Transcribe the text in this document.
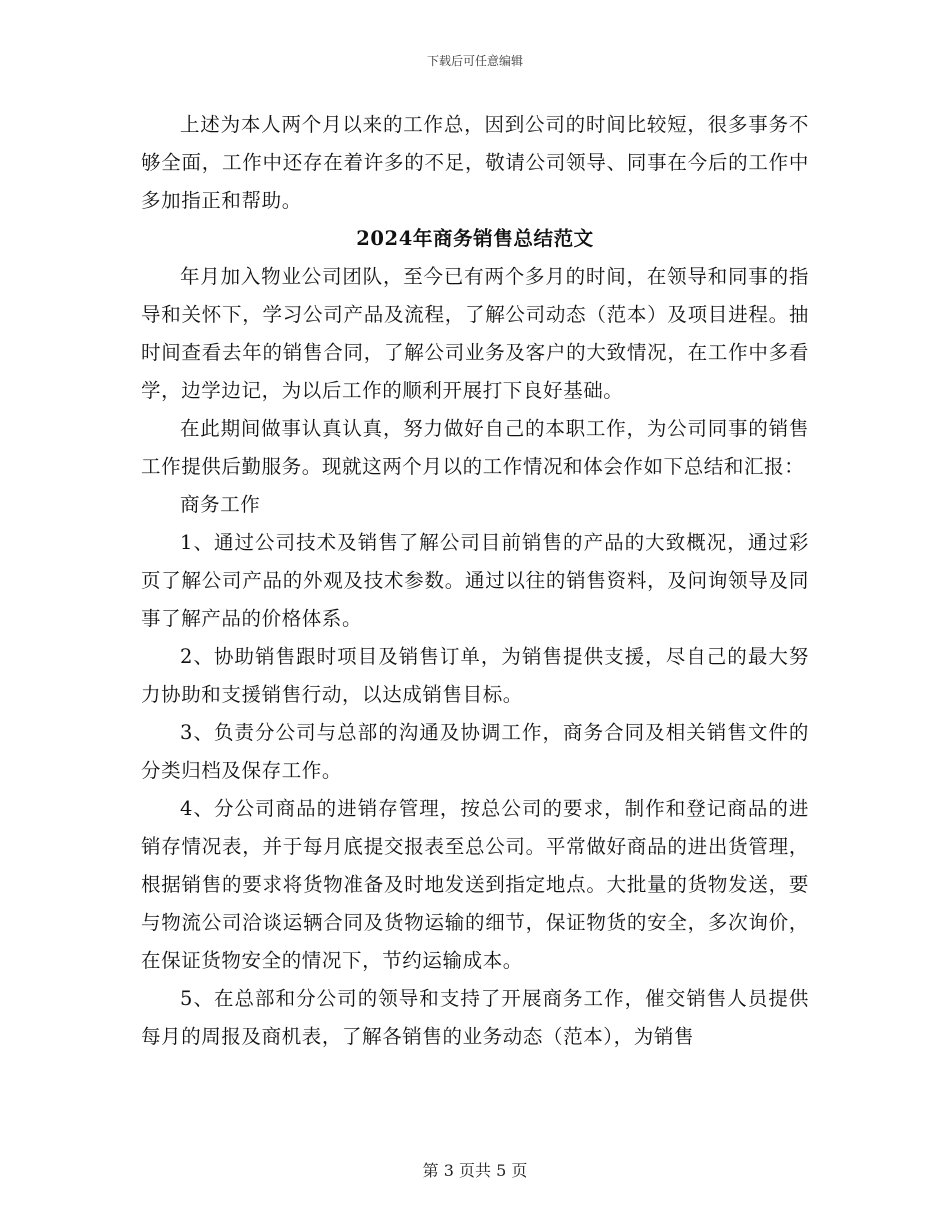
下载后可任意编辑

上述为本人两个月以来的工作总，因到公司的时间比较短，很多事务不够全面，工作中还存在着许多的不足，敬请公司领导、同事在今后的工作中多加指正和帮助。

2024年商务销售总结范文

年月加入物业公司团队，至今已有两个多月的时间，在领导和同事的指导和关怀下，学习公司产品及流程，了解公司动态（范本）及项目进程。抽时间查看去年的销售合同，了解公司业务及客户的大致情况，在工作中多看学，边学边记，为以后工作的顺利开展打下良好基础。

在此期间做事认真认真，努力做好自己的本职工作，为公司同事的销售工作提供后勤服务。现就这两个月以的工作情况和体会作如下总结和汇报：

商务工作

1、通过公司技术及销售了解公司目前销售的产品的大致概况，通过彩页了解公司产品的外观及技术参数。通过以往的销售资料，及问询领导及同事了解产品的价格体系。

2、协助销售跟时项目及销售订单，为销售提供支援，尽自己的最大努力协助和支援销售行动，以达成销售目标。

3、负责分公司与总部的沟通及协调工作，商务合同及相关销售文件的分类归档及保存工作。

4、分公司商品的进销存管理，按总公司的要求，制作和登记商品的进销存情况表，并于每月底提交报表至总公司。平常做好商品的进出货管理，根据销售的要求将货物准备及时地发送到指定地点。大批量的货物发送，要与物流公司洽谈运辆合同及货物运输的细节，保证物货的安全，多次询价，在保证货物安全的情况下，节约运输成本。

5、在总部和分公司的领导和支持了开展商务工作，催交销售人员提供每月的周报及商机表，了解各销售的业务动态（范本），为销售

第 3 页共 5 页
